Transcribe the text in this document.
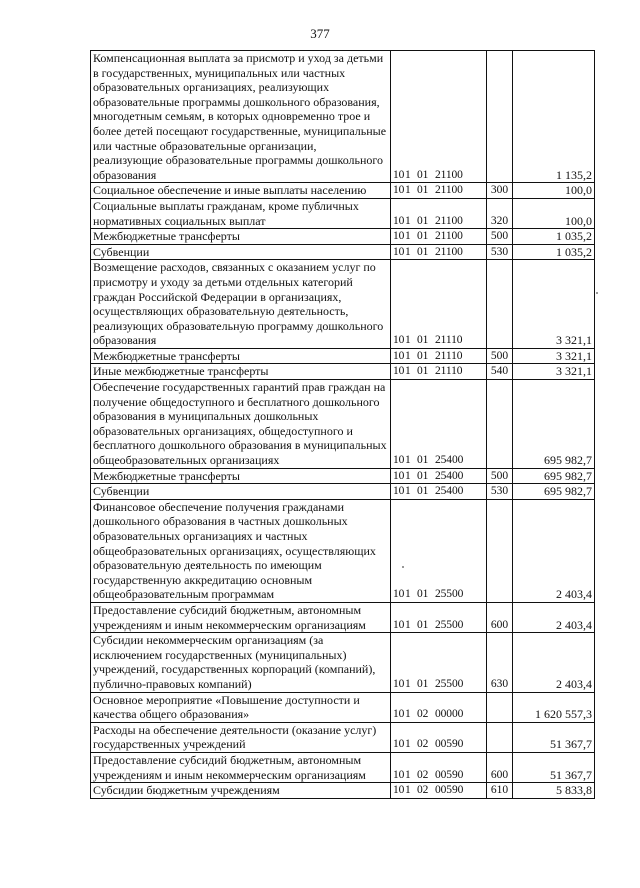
377
Компенсационная выплата за присмотр и уход за детьми в государственных, муниципальных или частных образовательных организациях, реализующих образовательные программы дошкольного образования, многодетным семьям, в которых одновременно трое и более детей посещают государственные, муниципальные или частные образовательные организации, реализующие образовательные программы дошкольного образования	101 01 21100		1 135,2
Социальное обеспечение и иные выплаты населению	101 01 21100	300	100,0
Социальные выплаты гражданам, кроме публичных нормативных социальных выплат	101 01 21100	320	100,0
Межбюджетные трансферты	101 01 21100	500	1 035,2
Субвенции	101 01 21100	530	1 035,2
Возмещение расходов, связанных с оказанием услуг по присмотру и уходу за детьми отдельных категорий граждан Российской Федерации в организациях, осуществляющих образовательную деятельность, реализующих образовательную программу дошкольного образования	101 01 21110		3 321,1
Межбюджетные трансферты	101 01 21110	500	3 321,1
Иные межбюджетные трансферты	101 01 21110	540	3 321,1
Обеспечение государственных гарантий прав граждан на получение общедоступного и бесплатного дошкольного образования в муниципальных дошкольных образовательных организациях, общедоступного и бесплатного дошкольного образования в муниципальных общеобразовательных организациях	101 01 25400		695 982,7
Межбюджетные трансферты	101 01 25400	500	695 982,7
Субвенции	101 01 25400	530	695 982,7
Финансовое обеспечение получения гражданами дошкольного образования в частных дошкольных образовательных организациях и частных общеобразовательных организациях, осуществляющих образовательную деятельность по имеющим государственную аккредитацию основным общеобразовательным программам	101 01 25500		2 403,4
Предоставление субсидий бюджетным, автономным учреждениям и иным некоммерческим организациям	101 01 25500	600	2 403,4
Субсидии некоммерческим организациям (за исключением государственных (муниципальных) учреждений, государственных корпораций (компаний), публично-правовых компаний)	101 01 25500	630	2 403,4
Основное мероприятие «Повышение доступности и качества общего образования»	101 02 00000		1 620 557,3
Расходы на обеспечение деятельности (оказание услуг) государственных учреждений	101 02 00590		51 367,7
Предоставление субсидий бюджетным, автономным учреждениям и иным некоммерческим организациям	101 02 00590	600	51 367,7
Субсидии бюджетным учреждениям	101 02 00590	610	5 833,8
